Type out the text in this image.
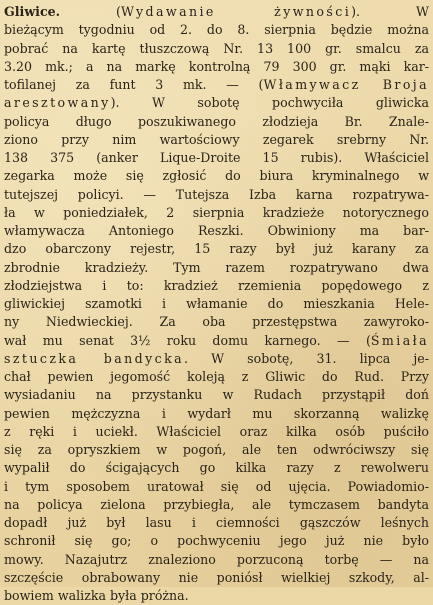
Gliwice. (Wydawanie żywności). W
bieżącym tygodniu od 2. do 8. sierpnia będzie można
pobrać na kartę tłuszczową Nr. 13 100 gr. smalcu za
3.20 mk.; a na markę kontrolną 79 300 gr. mąki kar-
tofilanej za funt 3 mk. — (Włamywacz Broja
aresztowany). W sobotę pochwyciła gliwicka
policya długo poszukiwanego złodzieja Br. Znale-
ziono przy nim wartościowy zegarek srebrny Nr.
138 375 (anker Lique-Droite 15 rubis). Właściciel
zegarka może się zgłosić do biura kryminalnego w
tutejszej policyi. — Tutejsza Izba karna rozpatrywa-
ła w poniedziałek, 2 sierpnia kradzieże notorycznego
włamywacza Antoniego Reszki. Obwiniony ma bar-
dzo obarczony rejestr, 15 razy był już karany za
zbrodnie kradzieży. Tym razem rozpatrywano dwa
złodziejstwa i to: kradzież rzemienia popędowego z
gliwickiej szamotki i włamanie do mieszkania Hele-
ny Niedwieckiej. Za oba przestępstwa zawyroko-
wał mu senat 3½ roku domu karnego. — (Śmiała
sztuczka bandycka. W sobotę, 31. lipca je-
chał pewien jegomość koleją z Gliwic do Rud. Przy
wysiadaniu na przystanku w Rudach przystąpił doń
pewien mężczyzna i wydarł mu skorzanną walizkę
z ręki i uciekł. Właściciel oraz kilka osób puściło
się za opryszkiem w pogoń, ale ten odwróciwszy się
wypalił do ścigających go kilka razy z rewolweru
i tym sposobem uratował się od ujęcia. Powiadomio-
na policya zielona przybiegła, ale tymczasem bandyta
dopadł już był lasu i ciemności gąszczów leśnych
schronił się go; o pochwyceniu jego już nie było
mowy. Nazajutrz znaleziono porzuconą torbę — na
szczęście obrabowany nie poniósł wielkiej szkody, al-
bowiem walizka była próżna.
